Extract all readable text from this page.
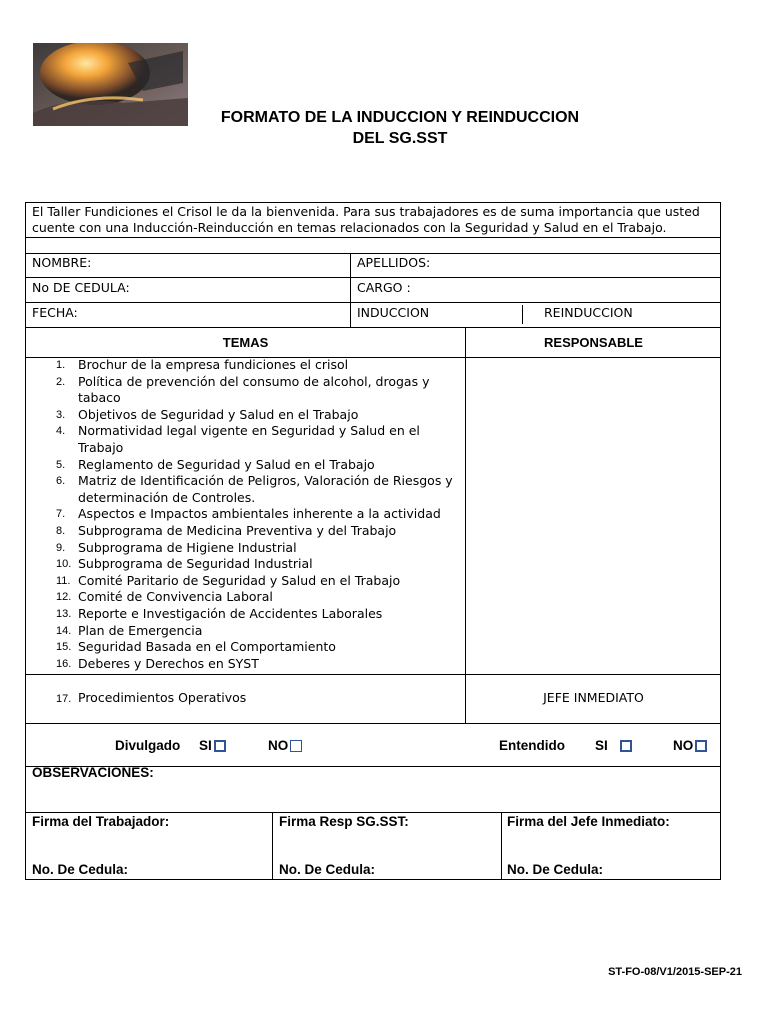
FORMATO DE LA INDUCCION Y REINDUCCION
DEL SG.SST
El Taller Fundiciones el Crisol le da la bienvenida. Para sus trabajadores es de suma importancia que usted cuente con una Inducción-Reinducción en temas relacionados con la Seguridad y Salud en el Trabajo.
NOMBRE:	APELLIDOS:
No DE CEDULA:	CARGO :
FECHA:	INDUCCION	REINDUCCION
TEMAS	RESPONSABLE
1. Brochur de la empresa fundiciones el crisol
2. Política de prevención del consumo de alcohol, drogas y tabaco
3. Objetivos de Seguridad y Salud en el Trabajo
4. Normatividad legal vigente en Seguridad y Salud en el Trabajo
5. Reglamento de Seguridad y Salud en el Trabajo
6. Matriz de Identificación de Peligros, Valoración de Riesgos y determinación de Controles.
7. Aspectos e Impactos ambientales inherente a la actividad
8. Subprograma de Medicina Preventiva y del Trabajo
9. Subprograma de Higiene Industrial
10. Subprograma de Seguridad Industrial
11. Comité Paritario de Seguridad y Salud en el Trabajo
12. Comité de Convivencia Laboral
13. Reporte e Investigación de Accidentes Laborales
14. Plan de Emergencia
15. Seguridad Basada en el Comportamiento
16. Deberes y Derechos en SYST
17. Procedimientos Operativos	JEFE INMEDIATO
Divulgado SI	NO	Entendido SI	NO
OBSERVACIONES:
Firma del Trabajador:	Firma Resp SG.SST:	Firma del Jefe Inmediato:
No. De Cedula:	No. De Cedula:	No. De Cedula:
ST-FO-08/V1/2015-SEP-21
